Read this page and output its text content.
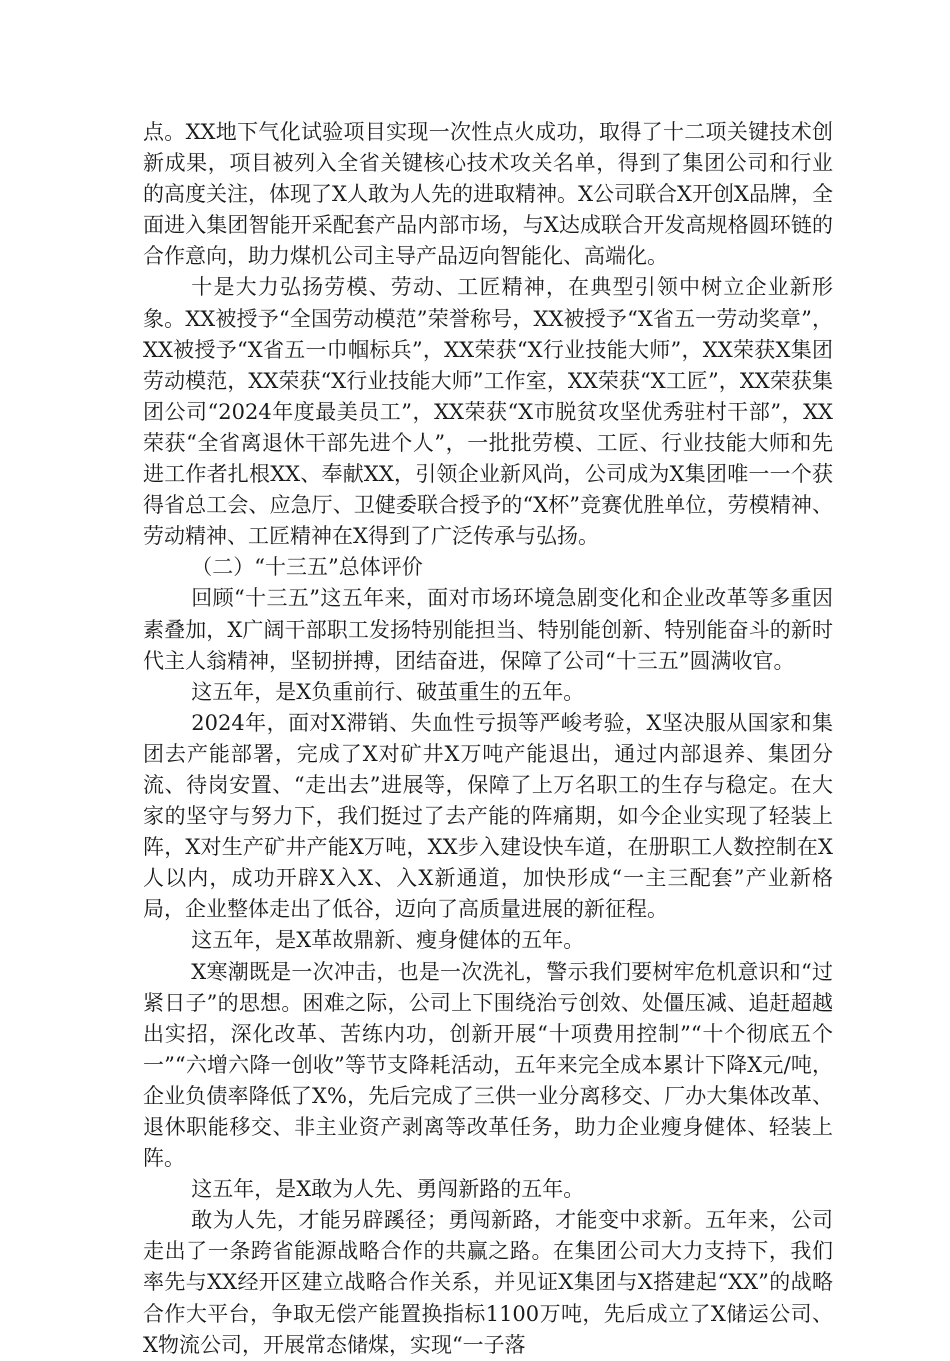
点。XX地下气化试验项目实现一次性点火成功，取得了十二项关键技术创新成果，项目被列入全省关键核心技术攻关名单，得到了集团公司和行业的高度关注，体现了X人敢为人先的进取精神。X公司联合X开创X品牌，全面进入集团智能开采配套产品内部市场，与X达成联合开发高规格圆环链的合作意向，助力煤机公司主导产品迈向智能化、高端化。

十是大力弘扬劳模、劳动、工匠精神，在典型引领中树立企业新形象。XX被授予“全国劳动模范”荣誉称号，XX被授予“X省五一劳动奖章”，XX被授予“X省五一巾帼标兵”，XX荣获“X行业技能大师”，XX荣获X集团劳动模范，XX荣获“X行业技能大师”工作室，XX荣获“X工匠”，XX荣获集团公司“2024年度最美员工”，XX荣获“X市脱贫攻坚优秀驻村干部”，XX荣获“全省离退休干部先进个人”，一批批劳模、工匠、行业技能大师和先进工作者扎根XX、奉献XX，引领企业新风尚，公司成为X集团唯一一个获得省总工会、应急厅、卫健委联合授予的“X杯”竞赛优胜单位，劳模精神、劳动精神、工匠精神在X得到了广泛传承与弘扬。

（二）“十三五”总体评价

回顾“十三五”这五年来，面对市场环境急剧变化和企业改革等多重因素叠加，X广阔干部职工发扬特别能担当、特别能创新、特别能奋斗的新时代主人翁精神，坚韧拼搏，团结奋进，保障了公司“十三五”圆满收官。

这五年，是X负重前行、破茧重生的五年。

2024年，面对X滞销、失血性亏损等严峻考验，X坚决服从国家和集团去产能部署，完成了X对矿井X万吨产能退出，通过内部退养、集团分流、待岗安置、“走出去”进展等，保障了上万名职工的生存与稳定。在大家的坚守与努力下，我们挺过了去产能的阵痛期，如今企业实现了轻装上阵，X对生产矿井产能X万吨，XX步入建设快车道，在册职工人数控制在X人以内，成功开辟X入X、入X新通道，加快形成“一主三配套”产业新格局，企业整体走出了低谷，迈向了高质量进展的新征程。

这五年，是X革故鼎新、瘦身健体的五年。

X寒潮既是一次冲击，也是一次洗礼，警示我们要树牢危机意识和“过紧日子”的思想。困难之际，公司上下围绕治亏创效、处僵压减、追赶超越出实招，深化改革、苦练内功，创新开展“十项费用控制”“十个彻底五个一”“六增六降一创收”等节支降耗活动，五年来完全成本累计下降X元/吨，企业负债率降低了X%，先后完成了三供一业分离移交、厂办大集体改革、退休职能移交、非主业资产剥离等改革任务，助力企业瘦身健体、轻装上阵。

这五年，是X敢为人先、勇闯新路的五年。

敢为人先，才能另辟蹊径；勇闯新路，才能变中求新。五年来，公司走出了一条跨省能源战略合作的共赢之路。在集团公司大力支持下，我们率先与XX经开区建立战略合作关系，并见证X集团与X搭建起“XX”的战略合作大平台，争取无偿产能置换指标1100万吨，先后成立了X储运公司、X物流公司，开展常态储煤，实现“一子落
